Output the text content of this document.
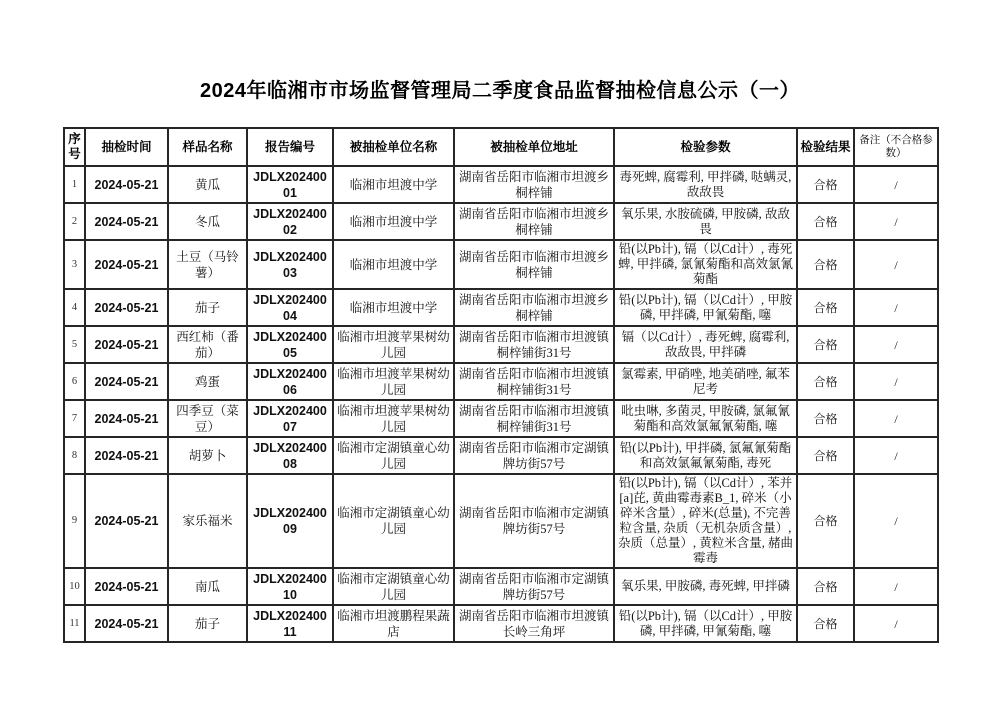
2024年临湘市市场监督管理局二季度食品监督抽检信息公示（一）
序号	抽检时间	样品名称	报告编号	被抽检单位名称	被抽检单位地址	检验参数	检验结果	备注（不合格参数）
1	2024-05-21	黄瓜	JDLX20240001	临湘市坦渡中学	湖南省岳阳市临湘市坦渡乡桐梓铺	毒死蜱, 腐霉利, 甲拌磷, 哒螨灵, 敌敌畏	合格	/
2	2024-05-21	冬瓜	JDLX20240002	临湘市坦渡中学	湖南省岳阳市临湘市坦渡乡桐梓铺	氧乐果, 水胺硫磷, 甲胺磷, 敌敌畏	合格	/
3	2024-05-21	土豆（马铃薯）	JDLX20240003	临湘市坦渡中学	湖南省岳阳市临湘市坦渡乡桐梓铺	铅(以Pb计), 镉（以Cd计）, 毒死蜱, 甲拌磷, 氯氰菊酯和高效氯氰菊酯	合格	/
4	2024-05-21	茄子	JDLX20240004	临湘市坦渡中学	湖南省岳阳市临湘市坦渡乡桐梓铺	铅(以Pb计), 镉（以Cd计）, 甲胺磷, 甲拌磷, 甲氰菊酯, 噻	合格	/
5	2024-05-21	西红柿（番茄）	JDLX20240005	临湘市坦渡苹果树幼儿园	湖南省岳阳市临湘市坦渡镇桐梓铺街31号	镉（以Cd计）, 毒死蜱, 腐霉利, 敌敌畏, 甲拌磷	合格	/
6	2024-05-21	鸡蛋	JDLX20240006	临湘市坦渡苹果树幼儿园	湖南省岳阳市临湘市坦渡镇桐梓铺街31号	氯霉素, 甲硝唑, 地美硝唑, 氟苯尼考	合格	/
7	2024-05-21	四季豆（菜豆）	JDLX20240007	临湘市坦渡苹果树幼儿园	湖南省岳阳市临湘市坦渡镇桐梓铺街31号	吡虫啉, 多菌灵, 甲胺磷, 氯氟氰菊酯和高效氯氟氰菊酯, 噻	合格	/
8	2024-05-21	胡萝卜	JDLX20240008	临湘市定湖镇童心幼儿园	湖南省岳阳市临湘市定湖镇牌坊街57号	铅(以Pb计), 甲拌磷, 氯氟氰菊酯和高效氯氟氰菊酯, 毒死	合格	/
9	2024-05-21	家乐福米	JDLX20240009	临湘市定湖镇童心幼儿园	湖南省岳阳市临湘市定湖镇牌坊街57号	铅(以Pb计), 镉（以Cd计）, 苯并[a]芘, 黄曲霉毒素B_1, 碎米（小碎米含量）, 碎米(总量), 不完善粒含量, 杂质（无机杂质含量）, 杂质（总量）, 黄粒米含量, 赭曲霉毒	合格	/
10	2024-05-21	南瓜	JDLX20240010	临湘市定湖镇童心幼儿园	湖南省岳阳市临湘市定湖镇牌坊街57号	氧乐果, 甲胺磷, 毒死蜱, 甲拌磷	合格	/
11	2024-05-21	茄子	JDLX20240011	临湘市坦渡鹏程果蔬店	湖南省岳阳市临湘市坦渡镇长岭三角坪	铅(以Pb计), 镉（以Cd计）, 甲胺磷, 甲拌磷, 甲氰菊酯, 噻	合格	/
